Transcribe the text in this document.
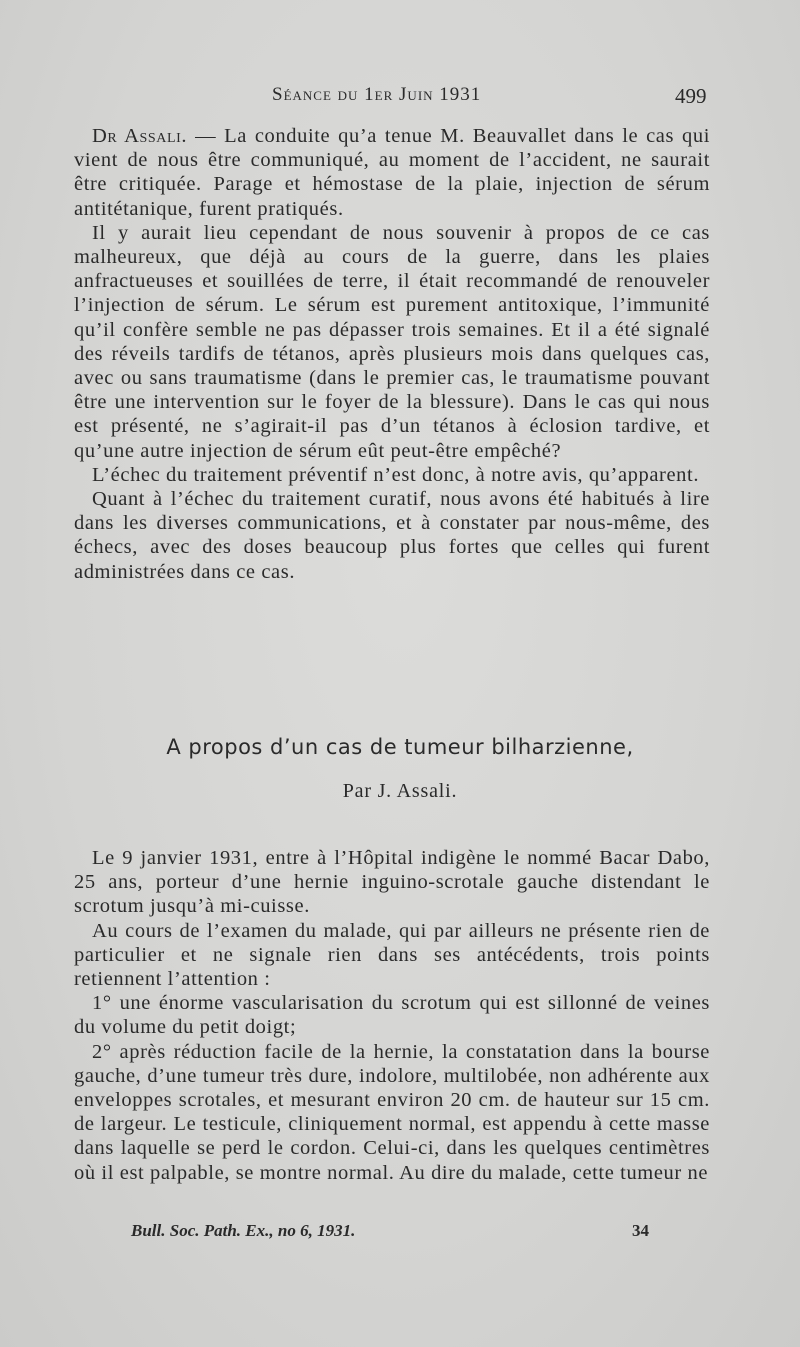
Séance du 1er Juin 1931	499

Dr Assali. — La conduite qu’a tenue M. Beauvallet dans le cas qui vient de nous être communiqué, au moment de l’accident, ne saurait être critiquée. Parage et hémostase de la plaie, injection de sérum antitétanique, furent pratiqués.

Il y aurait lieu cependant de nous souvenir à propos de ce cas malheureux, que déjà au cours de la guerre, dans les plaies anfractueuses et souillées de terre, il était recommandé de renouveler l’injection de sérum. Le sérum est purement antitoxique, l’immunité qu’il confère semble ne pas dépasser trois semaines. Et il a été signalé des réveils tardifs de tétanos, après plusieurs mois dans quelques cas, avec ou sans traumatisme (dans le premier cas, le traumatisme pouvant être une intervention sur le foyer de la blessure). Dans le cas qui nous est présenté, ne s’agirait-il pas d’un tétanos à éclosion tardive, et qu’une autre injection de sérum eût peut-être empêché?

L’échec du traitement préventif n’est donc, à notre avis, qu’apparent.

Quant à l’échec du traitement curatif, nous avons été habitués à lire dans les diverses communications, et à constater par nous-même, des échecs, avec des doses beaucoup plus fortes que celles qui furent administrées dans ce cas.

A propos d’un cas de tumeur bilharzienne,
Par J. Assali.

Le 9 janvier 1931, entre à l’Hôpital indigène le nommé Bacar Dabo, 25 ans, porteur d’une hernie inguino-scrotale gauche distendant le scrotum jusqu’à mi-cuisse.

Au cours de l’examen du malade, qui par ailleurs ne présente rien de particulier et ne signale rien dans ses antécédents, trois points retiennent l’attention :

1° une énorme vascularisation du scrotum qui est sillonné de veines du volume du petit doigt;

2° après réduction facile de la hernie, la constatation dans la bourse gauche, d’une tumeur très dure, indolore, multilobée, non adhérente aux enveloppes scrotales, et mesurant environ 20 cm. de hauteur sur 15 cm. de largeur. Le testicule, cliniquement normal, est appendu à cette masse dans laquelle se perd le cordon. Celui-ci, dans les quelques centimètres où il est palpable, se montre normal. Au dire du malade, cette tumeur ne

Bull. Soc. Path. Ex., no 6, 1931.	34
